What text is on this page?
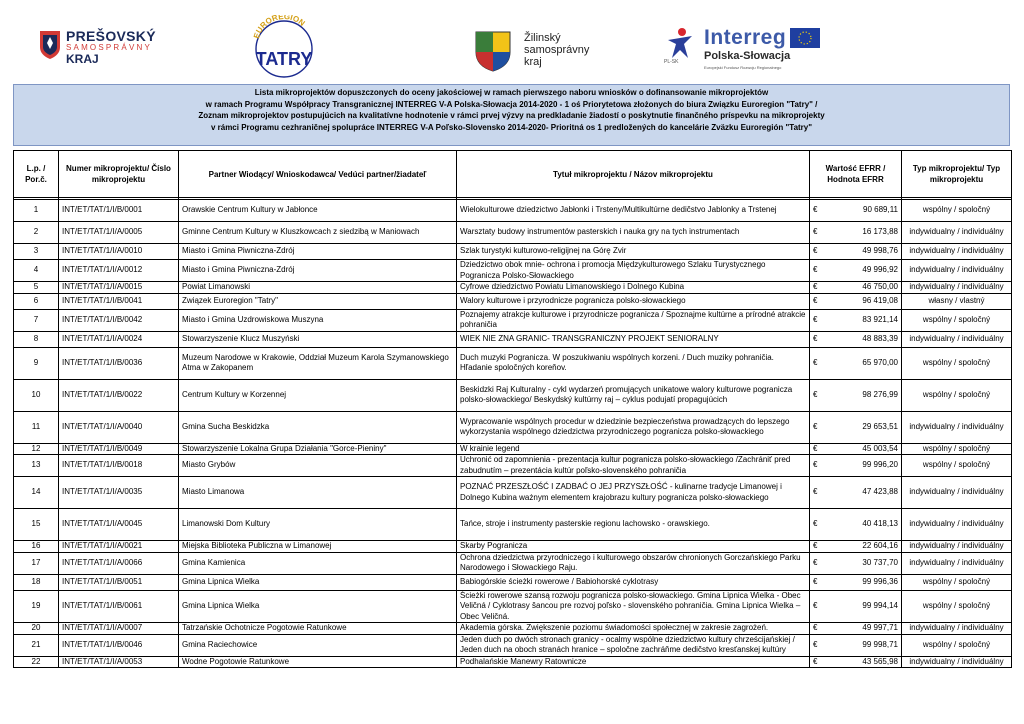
PREŠOVSKÝ
SAMOSPRÁVNY
KRAJ
EUROREGION
TATRY
Žilinský
samosprávny
kraj	PL-SK
Interreg
Polska-Słowacja
Europejski Fundusz Rozwoju Regionalnego
Lista mikroprojektów dopuszczonych do oceny jakościowej w ramach pierwszego naboru wniosków o dofinansowanie mikroprojektów
w ramach Programu Współpracy Transgranicznej INTERREG V-A Polska-Słowacja 2014-2020 - 1 oś Priorytetowa złożonych do biura Związku Euroregion "Tatry" /
Zoznam mikroprojektov postupujúcich na kvalitatívne hodnotenie v rámci prvej výzvy na predkladanie žiadostí o poskytnutie finančného príspevku na mikroprojekty
v rámci Programu cezhraničnej spolupráce INTERREG V-A Poľsko-Slovensko 2014-2020- Prioritná os 1 predložených do kancelárie Zväzku Euroregión "Tatry"
L.p. / Por.č.	Numer mikroprojektu/ Číslo mikroprojektu	Partner Wiodący/ Wnioskodawca/ Vedúci partner/žiadateľ	Tytuł mikroprojektu / Názov mikroprojektu	Wartość EFRR / Hodnota EFRR	Typ mikroprojektu/ Typ mikroprojektu

1	INT/ET/TAT/1/I/B/0001	Orawskie Centrum Kultury w Jabłonce	Wielokulturowe dziedzictwo Jabłonki i Trsteny/Multikultúrne dedičstvo Jablonky a Trstenej	€ 90 689,11	wspólny / spoločný
2	INT/ET/TAT/1/I/A/0005	Gminne Centrum Kultury w Kluszkowcach z siedzibą w Maniowach	Warsztaty budowy instrumentów pasterskich i nauka gry na tych instrumentach	€ 16 173,88	indywidualny / individuálny
3	INT/ET/TAT/1/I/A/0010	Miasto i Gmina Piwniczna-Zdrój	Szlak turystyki kulturowo-religijnej na Górę Zvir	€ 49 998,76	indywidualny / individuálny
4	INT/ET/TAT/1/I/A/0012	Miasto i Gmina Piwniczna-Zdrój	Dziedzictwo obok mnie- ochrona i promocja Międzykulturowego Szlaku Turystycznego Pogranicza Polsko-Słowackiego	€ 49 996,92	indywidualny / individuálny
5	INT/ET/TAT/1/I/A/0015	Powiat Limanowski	Cyfrowe dziedzictwo Powiatu Limanowskiego i Dolnego Kubina	€ 46 750,00	indywidualny / individuálny
6	INT/ET/TAT/1/I/B/0041	Związek Euroregion "Tatry"	Walory kulturowe i przyrodnicze pogranicza polsko-słowackiego	€ 96 419,08	własny / vlastný
7	INT/ET/TAT/1/I/B/0042	Miasto i Gmina Uzdrowiskowa Muszyna	Poznajemy atrakcje kulturowe i przyrodnicze pogranicza / Spoznajme kultúrne a prírodné atrakcie pohraničia	€ 83 921,14	wspólny / spoločný
8	INT/ET/TAT/1/I/A/0024	Stowarzyszenie Klucz Muszyński	WIEK NIE ZNA GRANIC- TRANSGRANICZNY PROJEKT SENIORALNY	€ 48 883,39	indywidualny / individuálny
9	INT/ET/TAT/1/I/B/0036	Muzeum Narodowe w Krakowie, Oddział Muzeum Karola Szymanowskiego Atma w Zakopanem	Duch muzyki Pogranicza. W poszukiwaniu wspólnych korzeni. / Duch muziky pohraničia. Hľadanie spoločných koreňov.	€ 65 970,00	wspólny / spoločný
10	INT/ET/TAT/1/I/B/0022	Centrum Kultury w Korzennej	Beskidzki Raj Kulturalny - cykl wydarzeń promujących unikatowe walory kulturowe pogranicza polsko-słowackiego/ Beskydský kultúrny raj – cyklus podujatí propagujúcich	€ 98 276,99	wspólny / spoločný
11	INT/ET/TAT/1/I/A/0040	Gmina Sucha Beskidzka	Wypracowanie wspólnych procedur w dziedzinie bezpieczeństwa prowadzących do lepszego wykorzystania wspólnego dziedzictwa przyrodniczego pogranicza polsko-słowackiego	€ 29 653,51	indywidualny / individuálny
12	INT/ET/TAT/1/I/B/0049	Stowarzyszenie Lokalna Grupa Działania "Gorce-Pieniny"	W krainie legend	€ 45 003,54	wspólny / spoločný
13	INT/ET/TAT/1/I/B/0018	Miasto Grybów	Uchronić od zapomnienia - prezentacja kultur pogranicza polsko-słowackiego /Zachrániť pred zabudnutím – prezentácia kultúr poľsko-slovenského pohraničia	€ 99 996,20	wspólny / spoločný
14	INT/ET/TAT/1/I/A/0035	Miasto Limanowa	POZNAĆ PRZESZŁOŚĆ I ZADBAĆ O JEJ PRZYSZŁOŚĆ - kulinarne tradycje Limanowej i Dolnego Kubina ważnym elementem krajobrazu kultury pogranicza polsko-słowackiego	€ 47 423,88	indywidualny / individuálny
15	INT/ET/TAT/1/I/A/0045	Limanowski Dom Kultury	Tańce, stroje i instrumenty pasterskie regionu lachowsko - orawskiego.	€ 40 418,13	indywidualny / individuálny
16	INT/ET/TAT/1/I/A/0021	Miejska Biblioteka Publiczna w Limanowej	Skarby Pogranicza	€ 22 604,16	indywidualny / individuálny
17	INT/ET/TAT/1/I/A/0066	Gmina Kamienica	Ochrona dziedzictwa przyrodniczego i kulturowego obszarów chronionych Gorczańskiego Parku Narodowego i Słowackiego Raju.	€ 30 737,70	indywidualny / individuálny
18	INT/ET/TAT/1/I/B/0051	Gmina Lipnica Wielka	Babiogórskie ścieżki rowerowe / Babiohorské cyklotrasy	€ 99 996,36	wspólny / spoločný
19	INT/ET/TAT/1/I/B/0061	Gmina Lipnica Wielka	Ścieżki rowerowe szansą rozwoju pogranicza polsko-słowackiego. Gmina Lipnica Wielka - Obec Veličná / Cyklotrasy šancou pre rozvoj poľsko - slovenského pohraničia. Gmina Lipnica Wielka – Obec Veličná.	€ 99 994,14	wspólny / spoločný
20	INT/ET/TAT/1/I/A/0007	Tatrzańskie Ochotnicze Pogotowie Ratunkowe	Akademia górska. Zwiększenie poziomu świadomości społecznej w zakresie zagrożeń.	€ 49 997,71	indywidualny / individuálny
21	INT/ET/TAT/1/I/B/0046	Gmina Raciechowice	Jeden duch po dwóch stronach granicy - ocalmy wspólne dziedzictwo kultury chrześcijańskiej / Jeden duch na oboch stranách hranice – spoločne zachráňme dedičstvo kresťanskej kultúry	€ 99 998,71	wspólny / spoločný
22	INT/ET/TAT/1/I/A/0053	Wodne Pogotowie Ratunkowe	Podhalańskie Manewry Ratownicze	€ 43 565,98	indywidualny / individuálny
